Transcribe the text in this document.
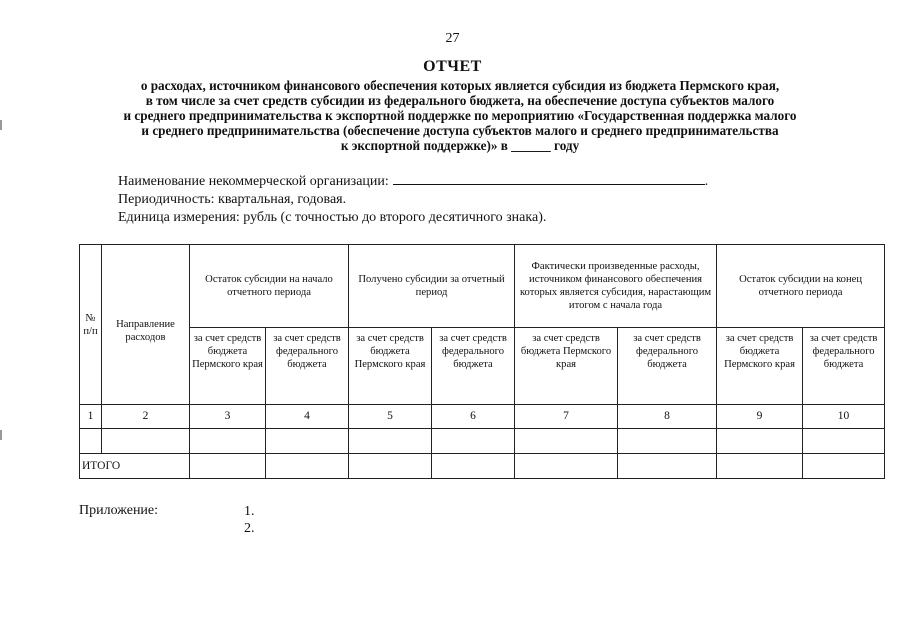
27
ОТЧЕТ
о расходах, источником финансового обеспечения которых является субсидия из бюджета Пермского края,
в том числе за счет средств субсидии из федерального бюджета, на обеспечение доступа субъектов малого
и среднего предпринимательства к экспортной поддержке по мероприятию «Государственная поддержка малого
и среднего предпринимательства (обеспечение доступа субъектов малого и среднего предпринимательства
к экспортной поддержке)» в ______ году
Наименование некоммерческой организации:	.
Периодичность: квартальная, годовая.
Единица измерения: рубль (с точностью до второго десятичного знака).
№ п/п	Направление расходов	Остаток субсидии на начало отчетного периода		Получено субсидии за отчетный период		Фактически произведенные расходы, источником финансового обеспечения которых является субсидия, нарастающим итогом с начала года		Остаток субсидии на конец отчетного периода	
		за счет средств бюджета Пермского края	за счет средств федерального бюджета	за счет средств бюджета Пермского края	за счет средств федерального бюджета	за счет средств бюджета Пермского края	за счет средств федерального бюджета	за счет средств бюджета Пермского края	за счет средств федерального бюджета
1	2	3	4	5	6	7	8	9	10

ИТОГО									
Приложение:	1.
2.
